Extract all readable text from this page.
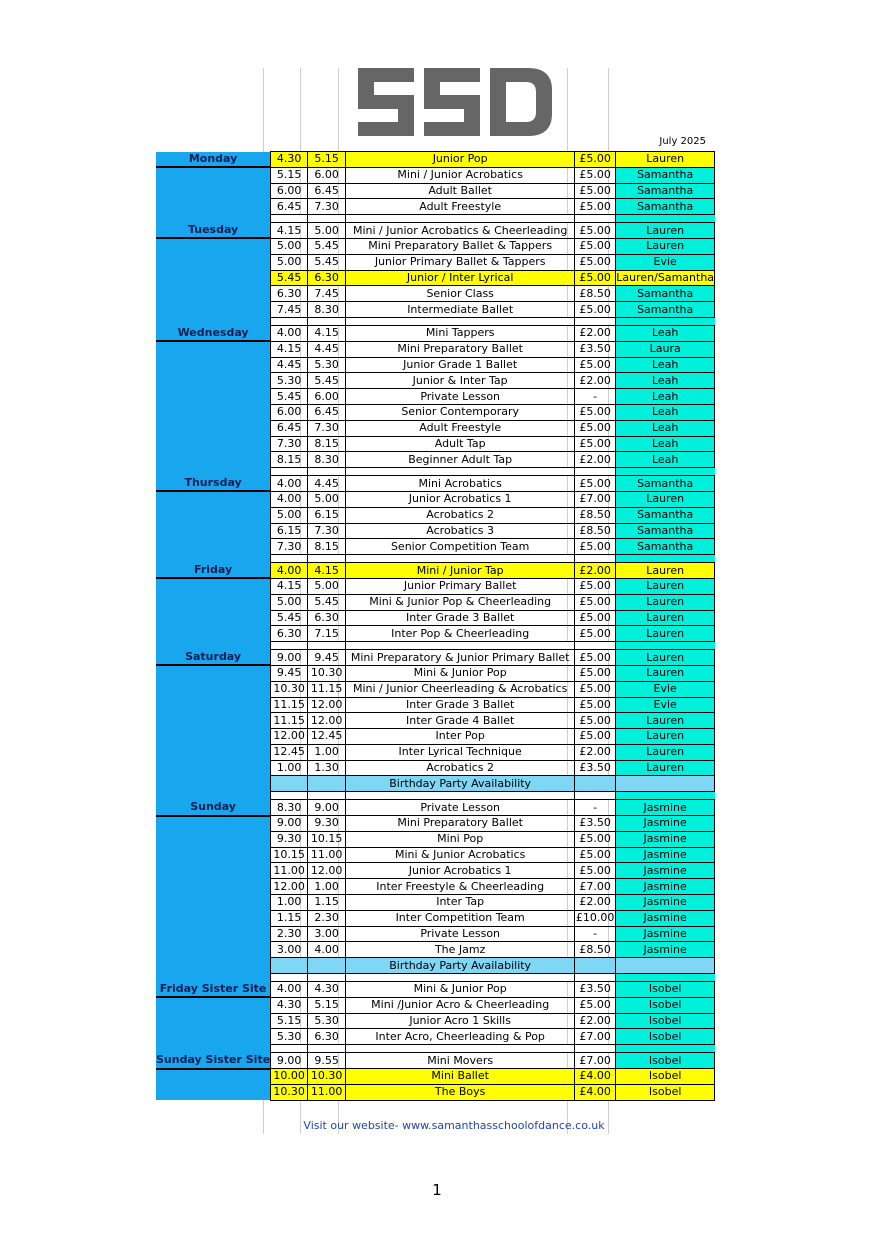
July 2025
Monday	4.30	5.15	Junior Pop	£5.00	Lauren
	5.15	6.00	Mini / Junior Acrobatics	£5.00	Samantha
	6.00	6.45	Adult Ballet	£5.00	Samantha
	6.45	7.30	Adult Freestyle	£5.00	Samantha

Tuesday	4.15	5.00	Mini / Junior Acrobatics & Cheerleading	£5.00	Lauren
	5.00	5.45	Mini Preparatory Ballet & Tappers	£5.00	Lauren
	5.00	5.45	Junior Primary Ballet & Tappers	£5.00	Evie
	5.45	6.30	Junior / Inter Lyrical	£5.00	Lauren/Samantha
	6.30	7.45	Senior Class	£8.50	Samantha
	7.45	8.30	Intermediate Ballet	£5.00	Samantha

Wednesday	4.00	4.15	Mini Tappers	£2.00	Leah
	4.15	4.45	Mini Preparatory Ballet	£3.50	Laura
	4.45	5.30	Junior Grade 1 Ballet	£5.00	Leah
	5.30	5.45	Junior & Inter Tap	£2.00	Leah
	5.45	6.00	Private Lesson	-	Leah
	6.00	6.45	Senior Contemporary	£5.00	Leah
	6.45	7.30	Adult Freestyle	£5.00	Leah
	7.30	8.15	Adult Tap	£5.00	Leah
	8.15	8.30	Beginner Adult Tap	£2.00	Leah

Thursday	4.00	4.45	Mini Acrobatics	£5.00	Samantha
	4.00	5.00	Junior Acrobatics 1	£7.00	Lauren
	5.00	6.15	Acrobatics 2	£8.50	Samantha
	6.15	7.30	Acrobatics 3	£8.50	Samantha
	7.30	8.15	Senior Competition Team	£5.00	Samantha

Friday	4.00	4.15	Mini / Junior Tap	£2.00	Lauren
	4.15	5.00	Junior Primary Ballet	£5.00	Lauren
	5.00	5.45	Mini & Junior Pop & Cheerleading	£5.00	Lauren
	5.45	6.30	Inter Grade 3 Ballet	£5.00	Lauren
	6.30	7.15	Inter Pop & Cheerleading	£5.00	Lauren

Saturday	9.00	9.45	Mini Preparatory & Junior Primary Ballet	£5.00	Lauren
	9.45	10.30	Mini & Junior Pop	£5.00	Lauren
	10.30	11.15	Mini / Junior Cheerleading & Acrobatics	£5.00	Evie
	11.15	12.00	Inter Grade 3 Ballet	£5.00	Evie
	11.15	12.00	Inter Grade 4 Ballet	£5.00	Lauren
	12.00	12.45	Inter Pop	£5.00	Lauren
	12.45	1.00	Inter Lyrical Technique	£2.00	Lauren
	1.00	1.30	Acrobatics 2	£3.50	Lauren
			Birthday Party Availability		

Sunday	8.30	9.00	Private Lesson	-	Jasmine
	9.00	9.30	Mini Preparatory Ballet	£3.50	Jasmine
	9.30	10.15	Mini Pop	£5.00	Jasmine
	10.15	11.00	Mini & Junior Acrobatics	£5.00	Jasmine
	11.00	12.00	Junior Acrobatics 1	£5.00	Jasmine
	12.00	1.00	Inter Freestyle & Cheerleading	£7.00	Jasmine
	1.00	1.15	Inter Tap	£2.00	Jasmine
	1.15	2.30	Inter Competition Team	£10.00	Jasmine
	2.30	3.00	Private Lesson	-	Jasmine
	3.00	4.00	The Jamz	£8.50	Jasmine
			Birthday Party Availability		

Friday Sister Site	4.00	4.30	Mini & Junior Pop	£3.50	Isobel
	4.30	5.15	Mini /Junior Acro & Cheerleading	£5.00	Isobel
	5.15	5.30	Junior Acro 1 Skills	£2.00	Isobel
	5.30	6.30	Inter Acro, Cheerleading & Pop	£7.00	Isobel

Sunday Sister Site	9.00	9.55	Mini Movers	£7.00	Isobel
	10.00	10.30	Mini Ballet	£4.00	Isobel
	10.30	11.00	The Boys	£4.00	Isobel
Visit our website- www.samanthasschoolofdance.co.uk
1
